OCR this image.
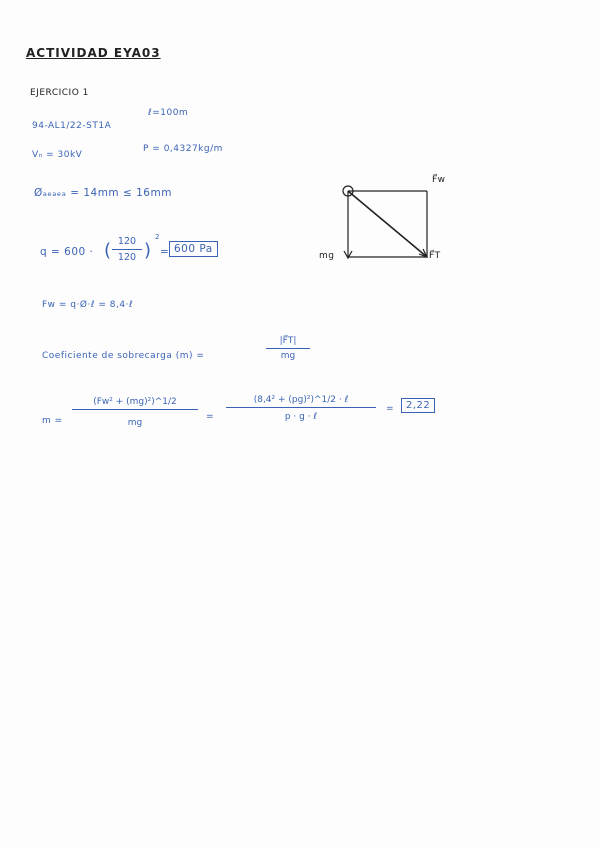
ACTIVIDAD EYA03
EJERCICIO 1
94-AL1/22-ST1A
ℓ=100m
Vₙ = 30kV
P = 0,4327kg/m
Øₐₑₐₑₐ = 14mm ≤ 16mm
q = 600 · ( 120
120 )
2
= 600 Pa
Fw = q·Ø·ℓ = 8,4·ℓ
Coeficiente de sobrecarga (m) =
|F⃗T|
mg
m =
(Fw² + (mg)²)^1/2
mg
=
(8,4² + (pg)²)^1/2 · ℓ
p · g · ℓ
=	2,22
F⃗w
mg	F⃗T
